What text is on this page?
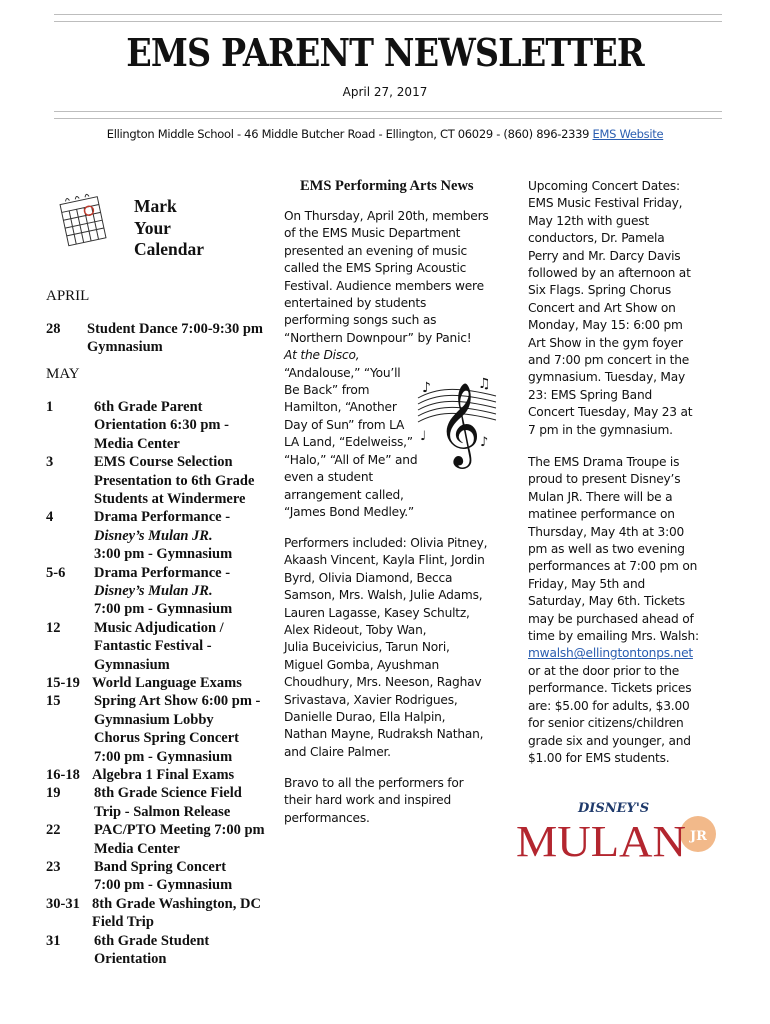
EMS PARENT NEWSLETTER
April 27, 2017
Ellington Middle School - 46 Middle Butcher Road - Ellington, CT 06029 - (860) 896-2339 EMS Website
Mark
Your
Calendar
APRIL
MAY
28 Student Dance 7:00-9:30 pm
Gymnasium
1	6th Grade Parent
Orientation 6:30 pm -
Media Center
3	EMS Course Selection
Presentation to 6th Grade
Students at Windermere
4	Drama Performance -
Disney’s Mulan JR.
3:00 pm - Gymnasium
5-6 Drama Performance -
Disney’s Mulan JR.
7:00 pm - Gymnasium
12 Music Adjudication /
Fantastic Festival -
Gymnasium
15-19 World Language Exams
15 Spring Art Show 6:00 pm -
Gymnasium Lobby
Chorus Spring Concert
7:00 pm - Gymnasium
16-18 Algebra 1 Final Exams
19 8th Grade Science Field
Trip - Salmon Release
22 PAC/PTO Meeting 7:00 pm
Media Center
23 Band Spring Concert
7:00 pm - Gymnasium
30-31 8th Grade Washington, DC
Field Trip
31 6th Grade Student
Orientation
EMS Performing Arts News
On Thursday, April 20th, members
of the EMS Music Department
presented an evening of music
called the EMS Spring Acoustic
Festival. Audience members were
entertained by students
performing songs such as
“Northern Downpour” by Panic!
At the Disco,
“Andalouse,” “You’ll
Be Back” from
Hamilton, “Another
Day of Sun” from LA
LA Land, “Edelweiss,”
“Halo,” “All of Me” and
even a student
arrangement called,
“James Bond Medley.”
𝄞
♪	♫
♩	♪
Performers included: Olivia Pitney,
Akaash Vincent, Kayla Flint, Jordin
Byrd, Olivia Diamond, Becca
Samson, Mrs. Walsh, Julie Adams,
Lauren Lagasse, Kasey Schultz,
Alex Rideout, Toby Wan,
Julia Buceivicius, Tarun Nori,
Miguel Gomba, Ayushman
Choudhury, Mrs. Neeson, Raghav
Srivastava, Xavier Rodrigues,
Danielle Durao, Ella Halpin,
Nathan Mayne, Rudraksh Nathan,
and Claire Palmer.
Bravo to all the performers for
their hard work and inspired
performances.
Upcoming Concert Dates:
EMS Music Festival Friday,
May 12th with guest
conductors, Dr. Pamela
Perry and Mr. Darcy Davis
followed by an afternoon at
Six Flags. Spring Chorus
Concert and Art Show on
Monday, May 15: 6:00 pm
Art Show in the gym foyer
and 7:00 pm concert in the
gymnasium. Tuesday, May
23: EMS Spring Band
Concert Tuesday, May 23 at
7 pm in the gymnasium.
The EMS Drama Troupe is
proud to present Disney’s
Mulan JR. There will be a
matinee performance on
Thursday, May 4th at 3:00
pm as well as two evening
performances at 7:00 pm on
Friday, May 5th and
Saturday, May 6th. Tickets
may be purchased ahead of
time by emailing Mrs. Walsh:
mwalsh@ellingtontonps.net
or at the door prior to the
performance. Tickets prices
are: $5.00 for adults, $3.00
for senior citizens/children
grade six and younger, and
$1.00 for EMS students.
JR
DISNEY'S
MULAN
